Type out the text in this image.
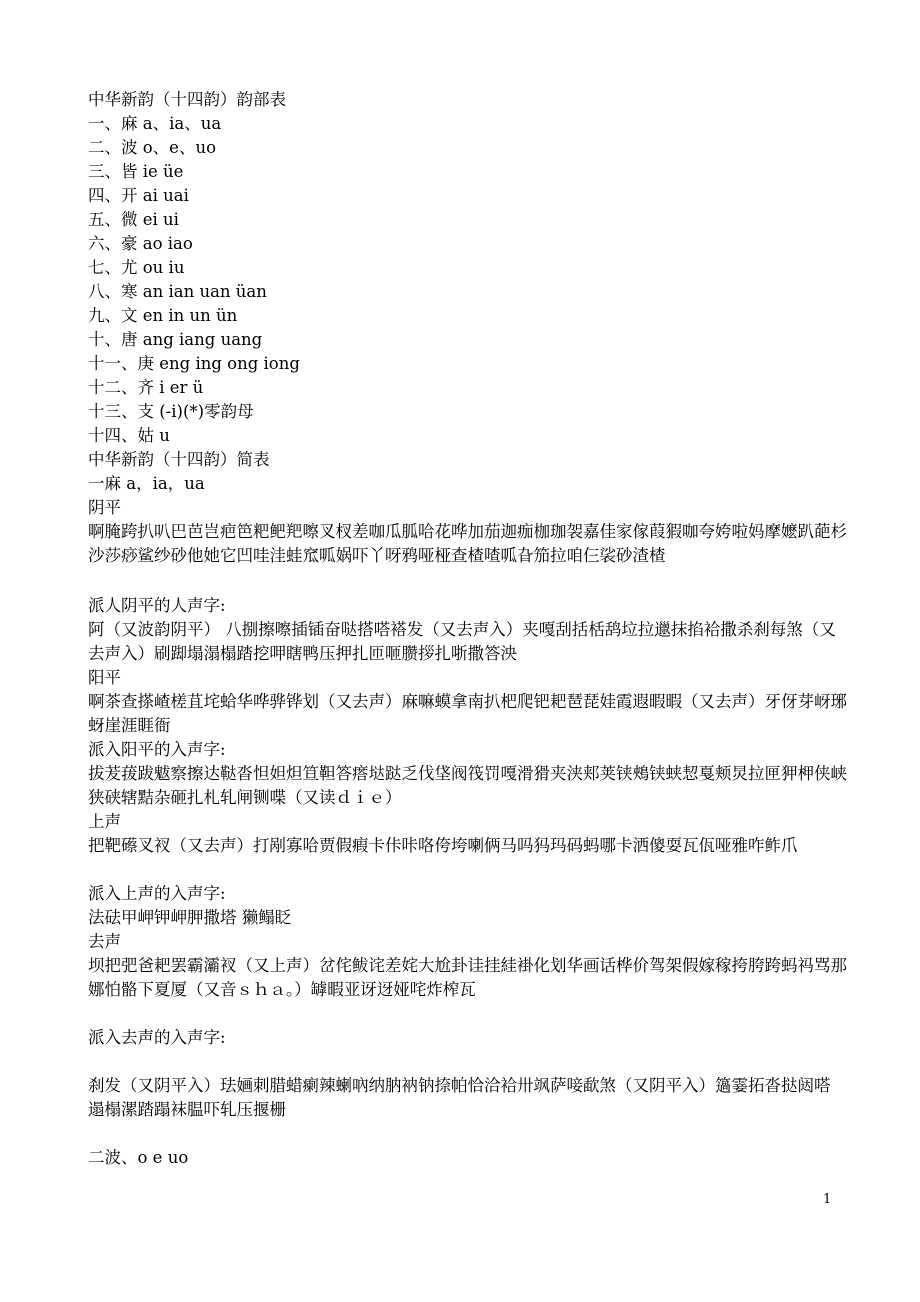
中华新韵（十四韵）韵部表
一、麻 a、ia、ua
二、波 o、e、uo
三、皆 ie üe
四、开 ai uai
五、微 ei ui
六、豪 ao iao
七、尤 ou iu
八、寒 an ian uan üan
九、文 en in un ün
十、唐 ang iang uang
十一、庚 eng ing ong iong
十二、齐 i er ü
十三、支 (-i)(*)零韵母
十四、姑 u
中华新韵（十四韵）简表
一麻 a，ia，ua
阴平
啊腌跨扒叭巴芭岂疤笆粑鲃羓嚓叉杈差咖瓜胍哈花哗加茄迦痂枷珈袈嘉佳家傢葭猳咖夸姱啦妈摩嬷趴葩杉沙莎痧鲨纱砂他她它凹哇洼蛙窊呱娲吓丫呀鸦哑桠查楂喳呱旮笳拉咱仨裟砂渣楂
派人阴平的人声字:
阿（又波韵阴平） 八捌擦嚓插锸奋哒搭嗒褡发（又去声入）夹嘎刮括栝鸹垃拉邋抹掐袷撒杀刹每煞（又去声入）刷踋塌溻榻踏挖呷瞎鸭压押扎匝咂臜拶扎哳撒答泱
阳平
啊茶查搽嵖槎苴垞蛤华哗骅铧划（又去声）麻嘛蟆拿南扒杷爬钯耙琶琵娃霞遐暇暇（又去声）牙伢芽岈琊蚜崖涯睚衙
派入阳平的入声字:
拔茇菝跋魃察擦达鞑沓怛妲炟笪靼答瘩垯跶乏伐垡阀筏罚嘎滑猾夹浃郏荚铗鵊铗蛱恝戛颊炅拉匣狎柙侠峡狭硖辖黠杂砸扎札轧闸铡喋（又读ｄｉｅ）
上声
把靶礤叉衩（又去声）打剐寡哈贾假瘕卡佧咔咯侉垮喇俩马吗犸玛码蚂哪卡洒傻耍瓦佤哑雅咋鲊爪
派入上声的入声字:
法砝甲岬钾岬胛撒塔 獭鳎眨
去声
坝把弝爸耙罢霸灞衩（又上声）岔侘鲅诧差姹大尬卦诖挂絓褂化划华画话桦价驾架假嫁稼挎胯跨蚂祃骂那娜怕骼下夏厦（又音ｓｈａ。）罅暇亚讶迓娅咤炸榨瓦
派入去声的入声字:
刹发（又阴平入）珐婳刺腊蜡瘌辣蝲吶纳肭衲钠捺帕恰洽袷卅飒萨唼歃煞（又阴平入）簻霎拓沓挞闼嗒 遢榻漯踏蹋袜腽吓轧压揠栅
二波、o e uo
1
